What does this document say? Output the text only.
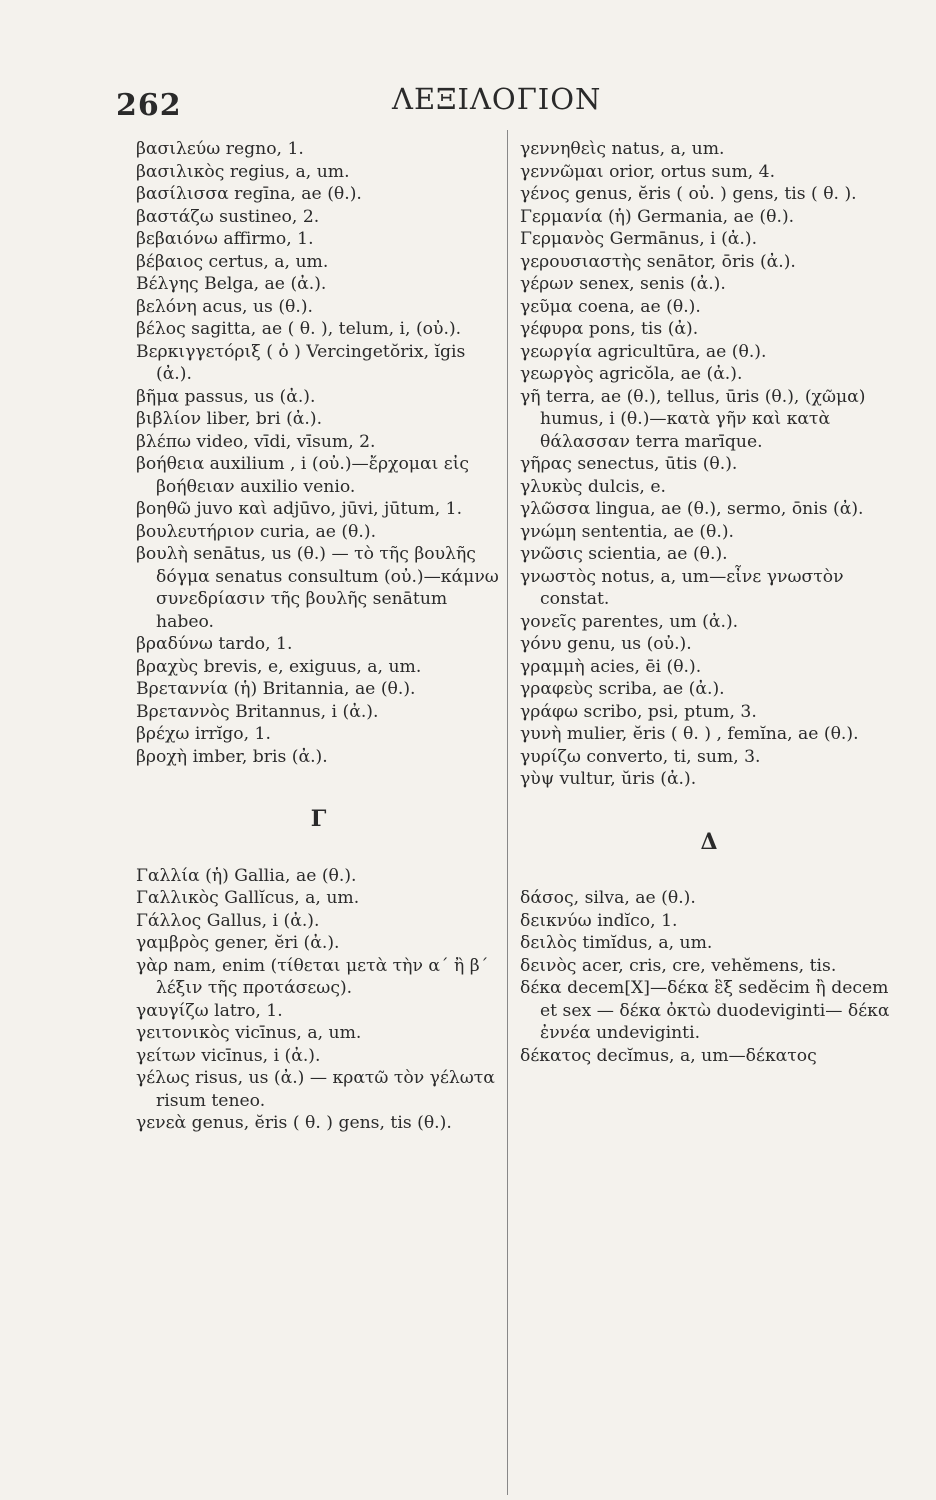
262	ΛΕΞΙΛΟΓΙΟΝ
βασιλεύω regno, 1.
βασιλικὸς regius, a, um.
βασίλισσα regīna, ae (θ.).
βαστάζω sustineo, 2.
βεβαιόνω affirmo, 1.
βέβαιος certus, a, um.
Βέλγης Belga, ae (ἀ.).
βελόνη acus, us (θ.).
βέλος sagitta, ae ( θ. ), telum, i, (οὐ.).
Βερκιγγετόριξ ( ὁ ) Vercingetŏrix, ĭgis (ἀ.).
βῆμα passus, us (ἀ.).
βιβλίον liber, bri (ἀ.).
βλέπω video, vīdi, vīsum, 2.
βοήθεια auxilium , i (οὐ.)—ἔρχομαι εἰς βοήθειαν auxilio venio.
βοηθῶ juvo καὶ adjūvo, jūvi, jūtum, 1.
βουλευτήριον curia, ae (θ.).
βουλὴ senātus, us (θ.) — τὸ τῆς βουλῆς δόγμα senatus consultum (οὐ.)—κάμνω συνεδρίασιν τῆς βουλῆς senātum habeo.
βραδύνω tardo, 1.
βραχὺς brevis, e, exiguus, a, um.
Βρεταννία (ἡ) Britannia, ae (θ.).
Βρεταννὸς Britannus, i (ἀ.).
βρέχω irrĭgo, 1.
βροχὴ imber, bris (ἀ.).
Γ
Γαλλία (ἡ) Gallia, ae (θ.).
Γαλλικὸς Gallĭcus, a, um.
Γάλλος Gallus, i (ἀ.).
γαμβρὸς gener, ĕri (ἀ.).
γὰρ nam, enim (τίθεται μετὰ τὴν α΄ ἢ β΄ λέξιν τῆς προτάσεως).
γαυγίζω latro, 1.
γειτονικὸς vicīnus, a, um.
γείτων vicīnus, i (ἀ.).
γέλως risus, us (ἀ.) — κρατῶ τὸν γέλωτα risum teneo.
γενεὰ genus, ĕris ( θ. ) gens, tis (θ.).
γεννηθεὶς natus, a, um.
γεννῶμαι orior, ortus sum, 4.
γένος genus, ĕris ( οὐ. ) gens, tis ( θ. ).
Γερμανία (ἡ) Germania, ae (θ.).
Γερμανὸς Germānus, i (ἀ.).
γερουσιαστὴς senātor, ōris (ἀ.).
γέρων senex, senis (ἀ.).
γεῦμα coena, ae (θ.).
γέφυρα pons, tis (ἀ).
γεωργία agricultūra, ae (θ.).
γεωργὸς agricŏla, ae (ἀ.).
γῆ terra, ae (θ.), tellus, ūris (θ.), (χῶμα) humus, i (θ.)—κατὰ γῆν καὶ κατὰ θάλασσαν terra marīque.
γῆρας senectus, ūtis (θ.).
γλυκὺς dulcis, e.
γλῶσσα lingua, ae (θ.), sermo, ōnis (ἀ).
γνώμη sententia, ae (θ.).
γνῶσις scientia, ae (θ.).
γνωστὸς notus, a, um—εἶνε γνωστὸν constat.
γονεῖς parentes, um (ἀ.).
γόνυ genu, us (οὐ.).
γραμμὴ acies, ēi (θ.).
γραφεὺς scriba, ae (ἀ.).
γράφω scribo, psi, ptum, 3.
γυνὴ mulier, ĕris ( θ. ) , femĭna, ae (θ.).
γυρίζω converto, ti, sum, 3.
γὺψ vultur, ŭris (ἀ.).
Δ
δάσος, silva, ae (θ.).
δεικνύω indĭco, 1.
δειλὸς timĭdus, a, um.
δεινὸς acer, cris, cre, vehĕmens, tis.
δέκα decem[X]—δέκα ἓξ sedĕcim ἢ decem et sex — δέκα ὀκτὼ duodeviginti— δέκα ἐννέα undeviginti.
δέκατος decĭmus, a, um—δέκατος
